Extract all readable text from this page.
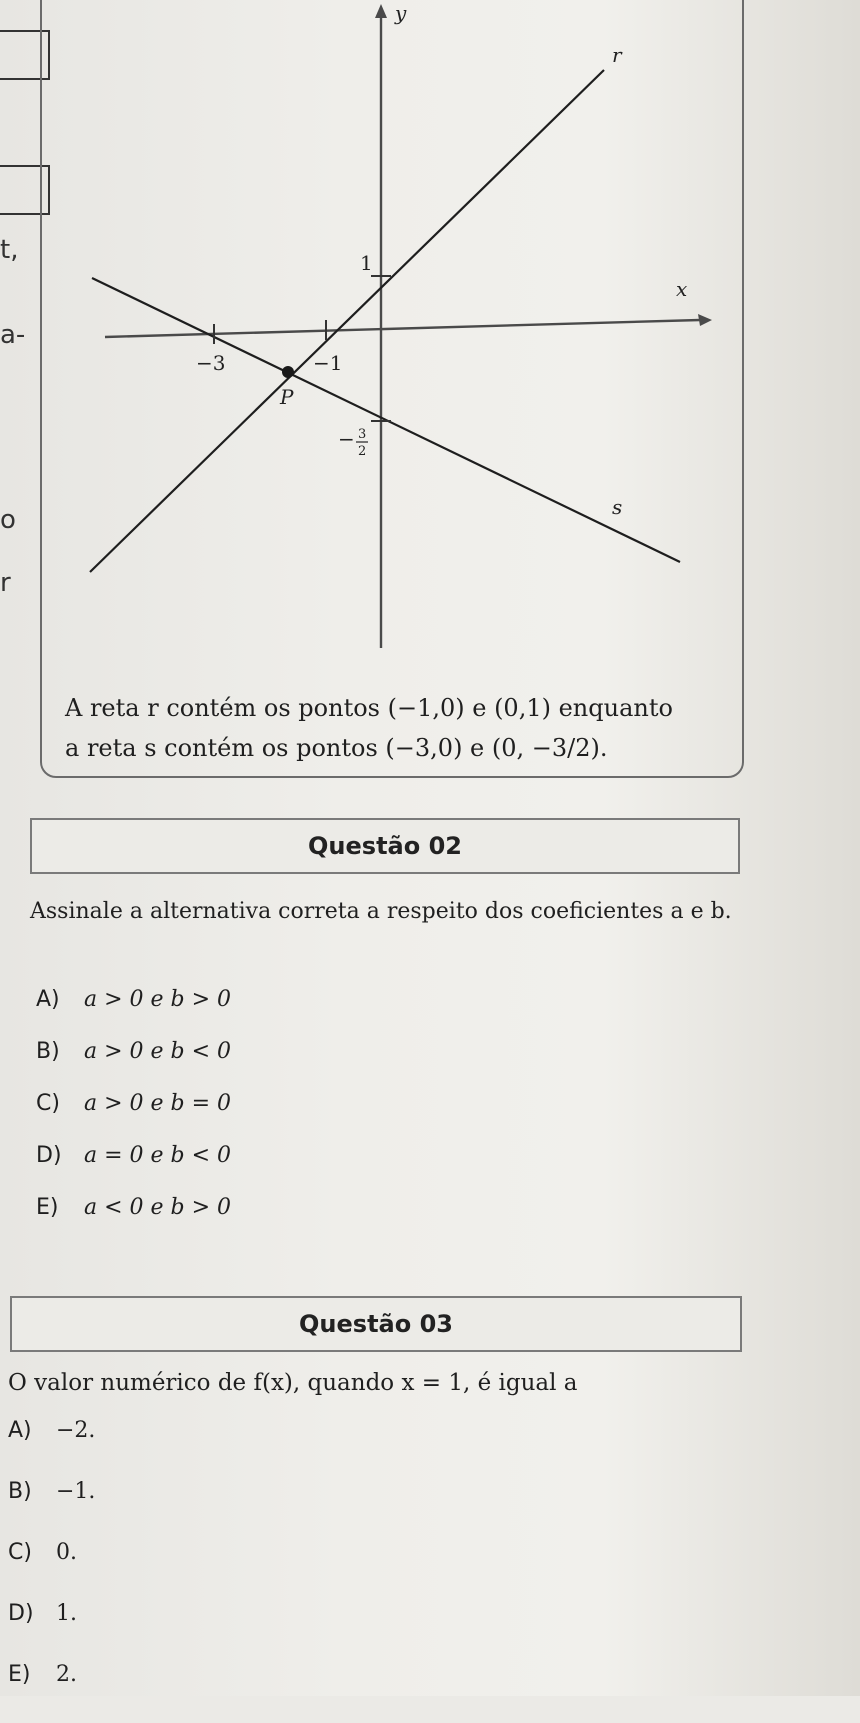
t,
a-
o
r
y
x
r
s
P
−3	−1
1
− 3
2
A reta r contém os pontos (−1,0) e (0,1) enquanto
a reta s contém os pontos (−3,0) e (0, −3/2).
Questão 02
Assinale a alternativa correta a respeito dos coeficientes a e b.
A)	a > 0 e b > 0
B)	a > 0 e b < 0
C)	a > 0 e b = 0
D)	a = 0 e b < 0
E)	a < 0 e b > 0
Questão 03
O valor numérico de f(x), quando x = 1, é igual a
A)	−2.
B)	−1.
C)	0.
D)	1.
E)	2.
